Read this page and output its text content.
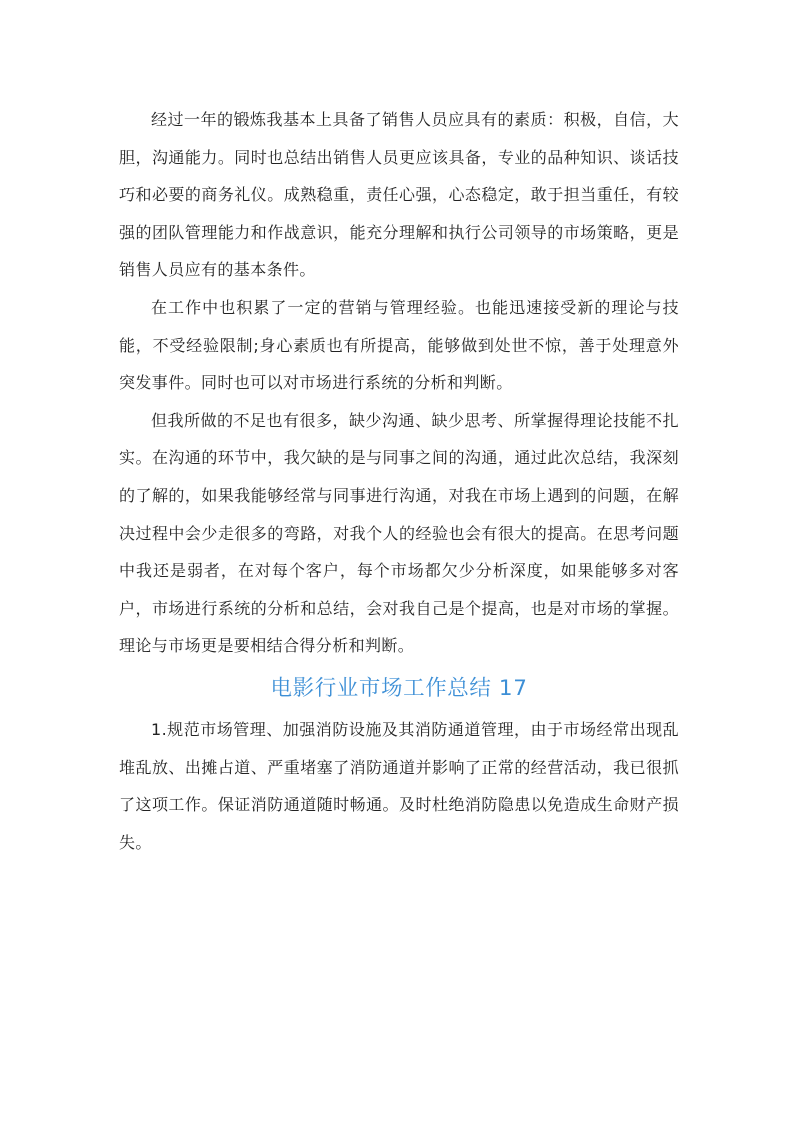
经过一年的锻炼我基本上具备了销售人员应具有的素质：积极，自信，大胆，沟通能力。同时也总结出销售人员更应该具备，专业的品种知识、谈话技巧和必要的商务礼仪。成熟稳重，责任心强，心态稳定，敢于担当重任，有较强的团队管理能力和作战意识，能充分理解和执行公司领导的市场策略，更是销售人员应有的基本条件。

在工作中也积累了一定的营销与管理经验。也能迅速接受新的理论与技能，不受经验限制;身心素质也有所提高，能够做到处世不惊，善于处理意外突发事件。同时也可以对市场进行系统的分析和判断。

但我所做的不足也有很多，缺少沟通、缺少思考、所掌握得理论技能不扎实。在沟通的环节中，我欠缺的是与同事之间的沟通，通过此次总结，我深刻的了解的，如果我能够经常与同事进行沟通，对我在市场上遇到的问题，在解决过程中会少走很多的弯路，对我个人的经验也会有很大的提高。在思考问题中我还是弱者，在对每个客户，每个市场都欠少分析深度，如果能够多对客户，市场进行系统的分析和总结，会对我自己是个提高，也是对市场的掌握。理论与市场更是要相结合得分析和判断。

电影行业市场工作总结 17

1.规范市场管理、加强消防设施及其消防通道管理，由于市场经常出现乱堆乱放、出摊占道、严重堵塞了消防通道并影响了正常的经营活动，我已很抓了这项工作。保证消防通道随时畅通。及时杜绝消防隐患以免造成生命财产损失。
